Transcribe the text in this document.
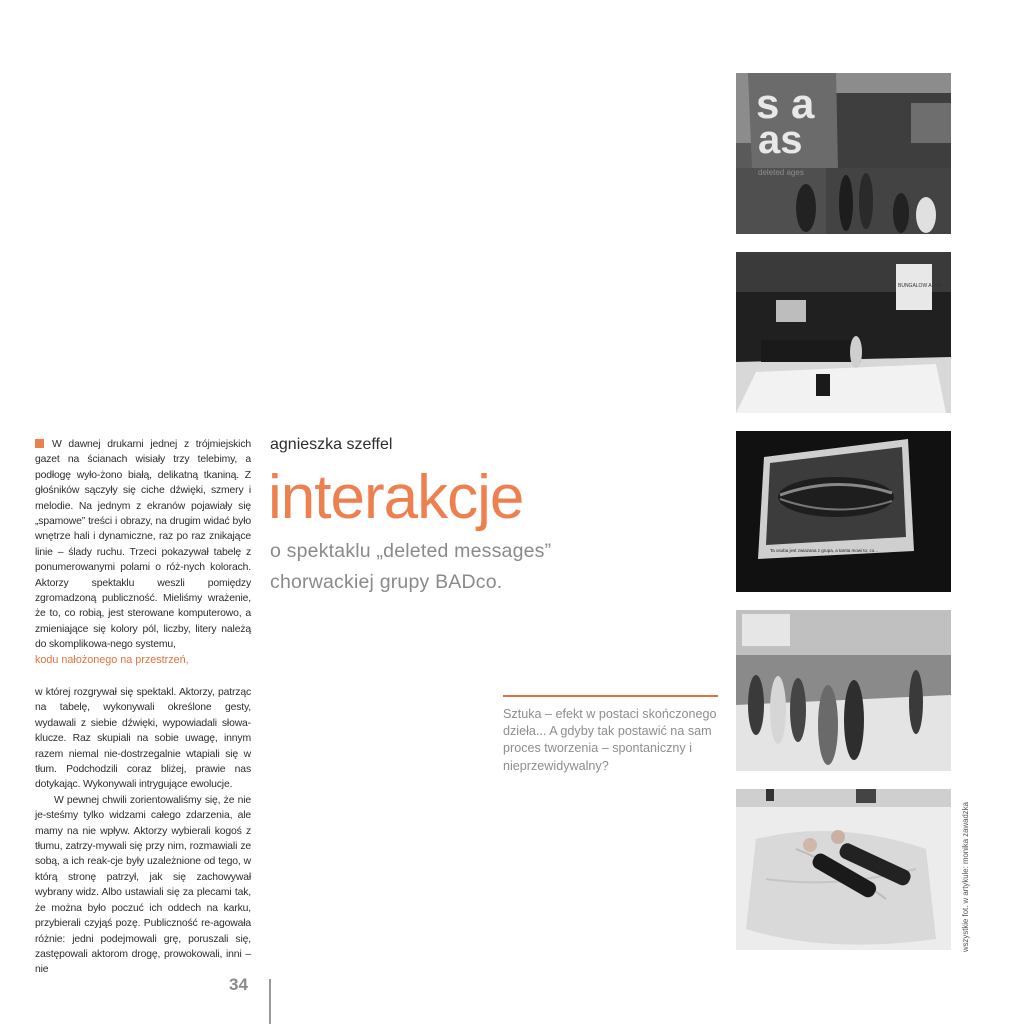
W dawnej drukarni jednej z trójmiejskich gazet na ścianach wisiały trzy telebimy, a podłogę wyło-żono białą, delikatną tkaniną. Z głośników sączyły się ciche dźwięki, szmery i melodie. Na jednym z ekranów pojawiały się „spamowe” treści i obrazy, na drugim widać było wnętrze hali i dynamiczne, raz po raz znikające linie – ślady ruchu. Trzeci pokazywał tabelę z ponumerowanymi polami o róż-nych kolorach. Aktorzy spektaklu weszli pomiędzy zgromadzoną publiczność. Mieliśmy wrażenie, że to, co robią, jest sterowane komputerowo, a zmieniające się kolory pól, liczby, litery należą do skomplikowa-nego systemu,

kodu nałożonego na przestrzeń,

w której rozgrywał się spektakl. Aktorzy, patrząc na tabelę, wykonywali określone gesty, wydawali z siebie dźwięki, wypowiadali słowa-klucze. Raz skupiali na sobie uwagę, innym razem niemal nie-dostrzegalnie wtapiali się w tłum. Podchodzili coraz bliżej, prawie nas dotykając. Wykonywali intrygujące ewolucje.

W pewnej chwili zorientowaliśmy się, że nie je-steśmy tylko widzami całego zdarzenia, ale mamy na nie wpływ. Aktorzy wybierali kogoś z tłumu, zatrzy-mywali się przy nim, rozmawiali ze sobą, a ich reak-cje były uzależnione od tego, w którą stronę patrzył, jak się zachowywał wybrany widz. Albo ustawiali się za plecami tak, że można było poczuć ich oddech na karku, przybierali czyjąś pozę. Publiczność re-agowała różnie: jedni podejmowali grę, poruszali się, zastępowali aktorom drogę, prowokowali, inni – nie

agnieszka szeffel
interakcje
o spektaklu „deleted messages”
chorwackiej grupy BADco.
Sztuka – efekt w postaci skończonego dzieła... A gdyby tak postawić na sam proces tworzenia – spontaniczny i nieprzewidywalny?
34
s a
as
BUNGALOW AREA
Ta osoba jest zwiazana z grupa, a tamta mowi to, co...
wszystkie fot. w artykule: monika zawadzka
